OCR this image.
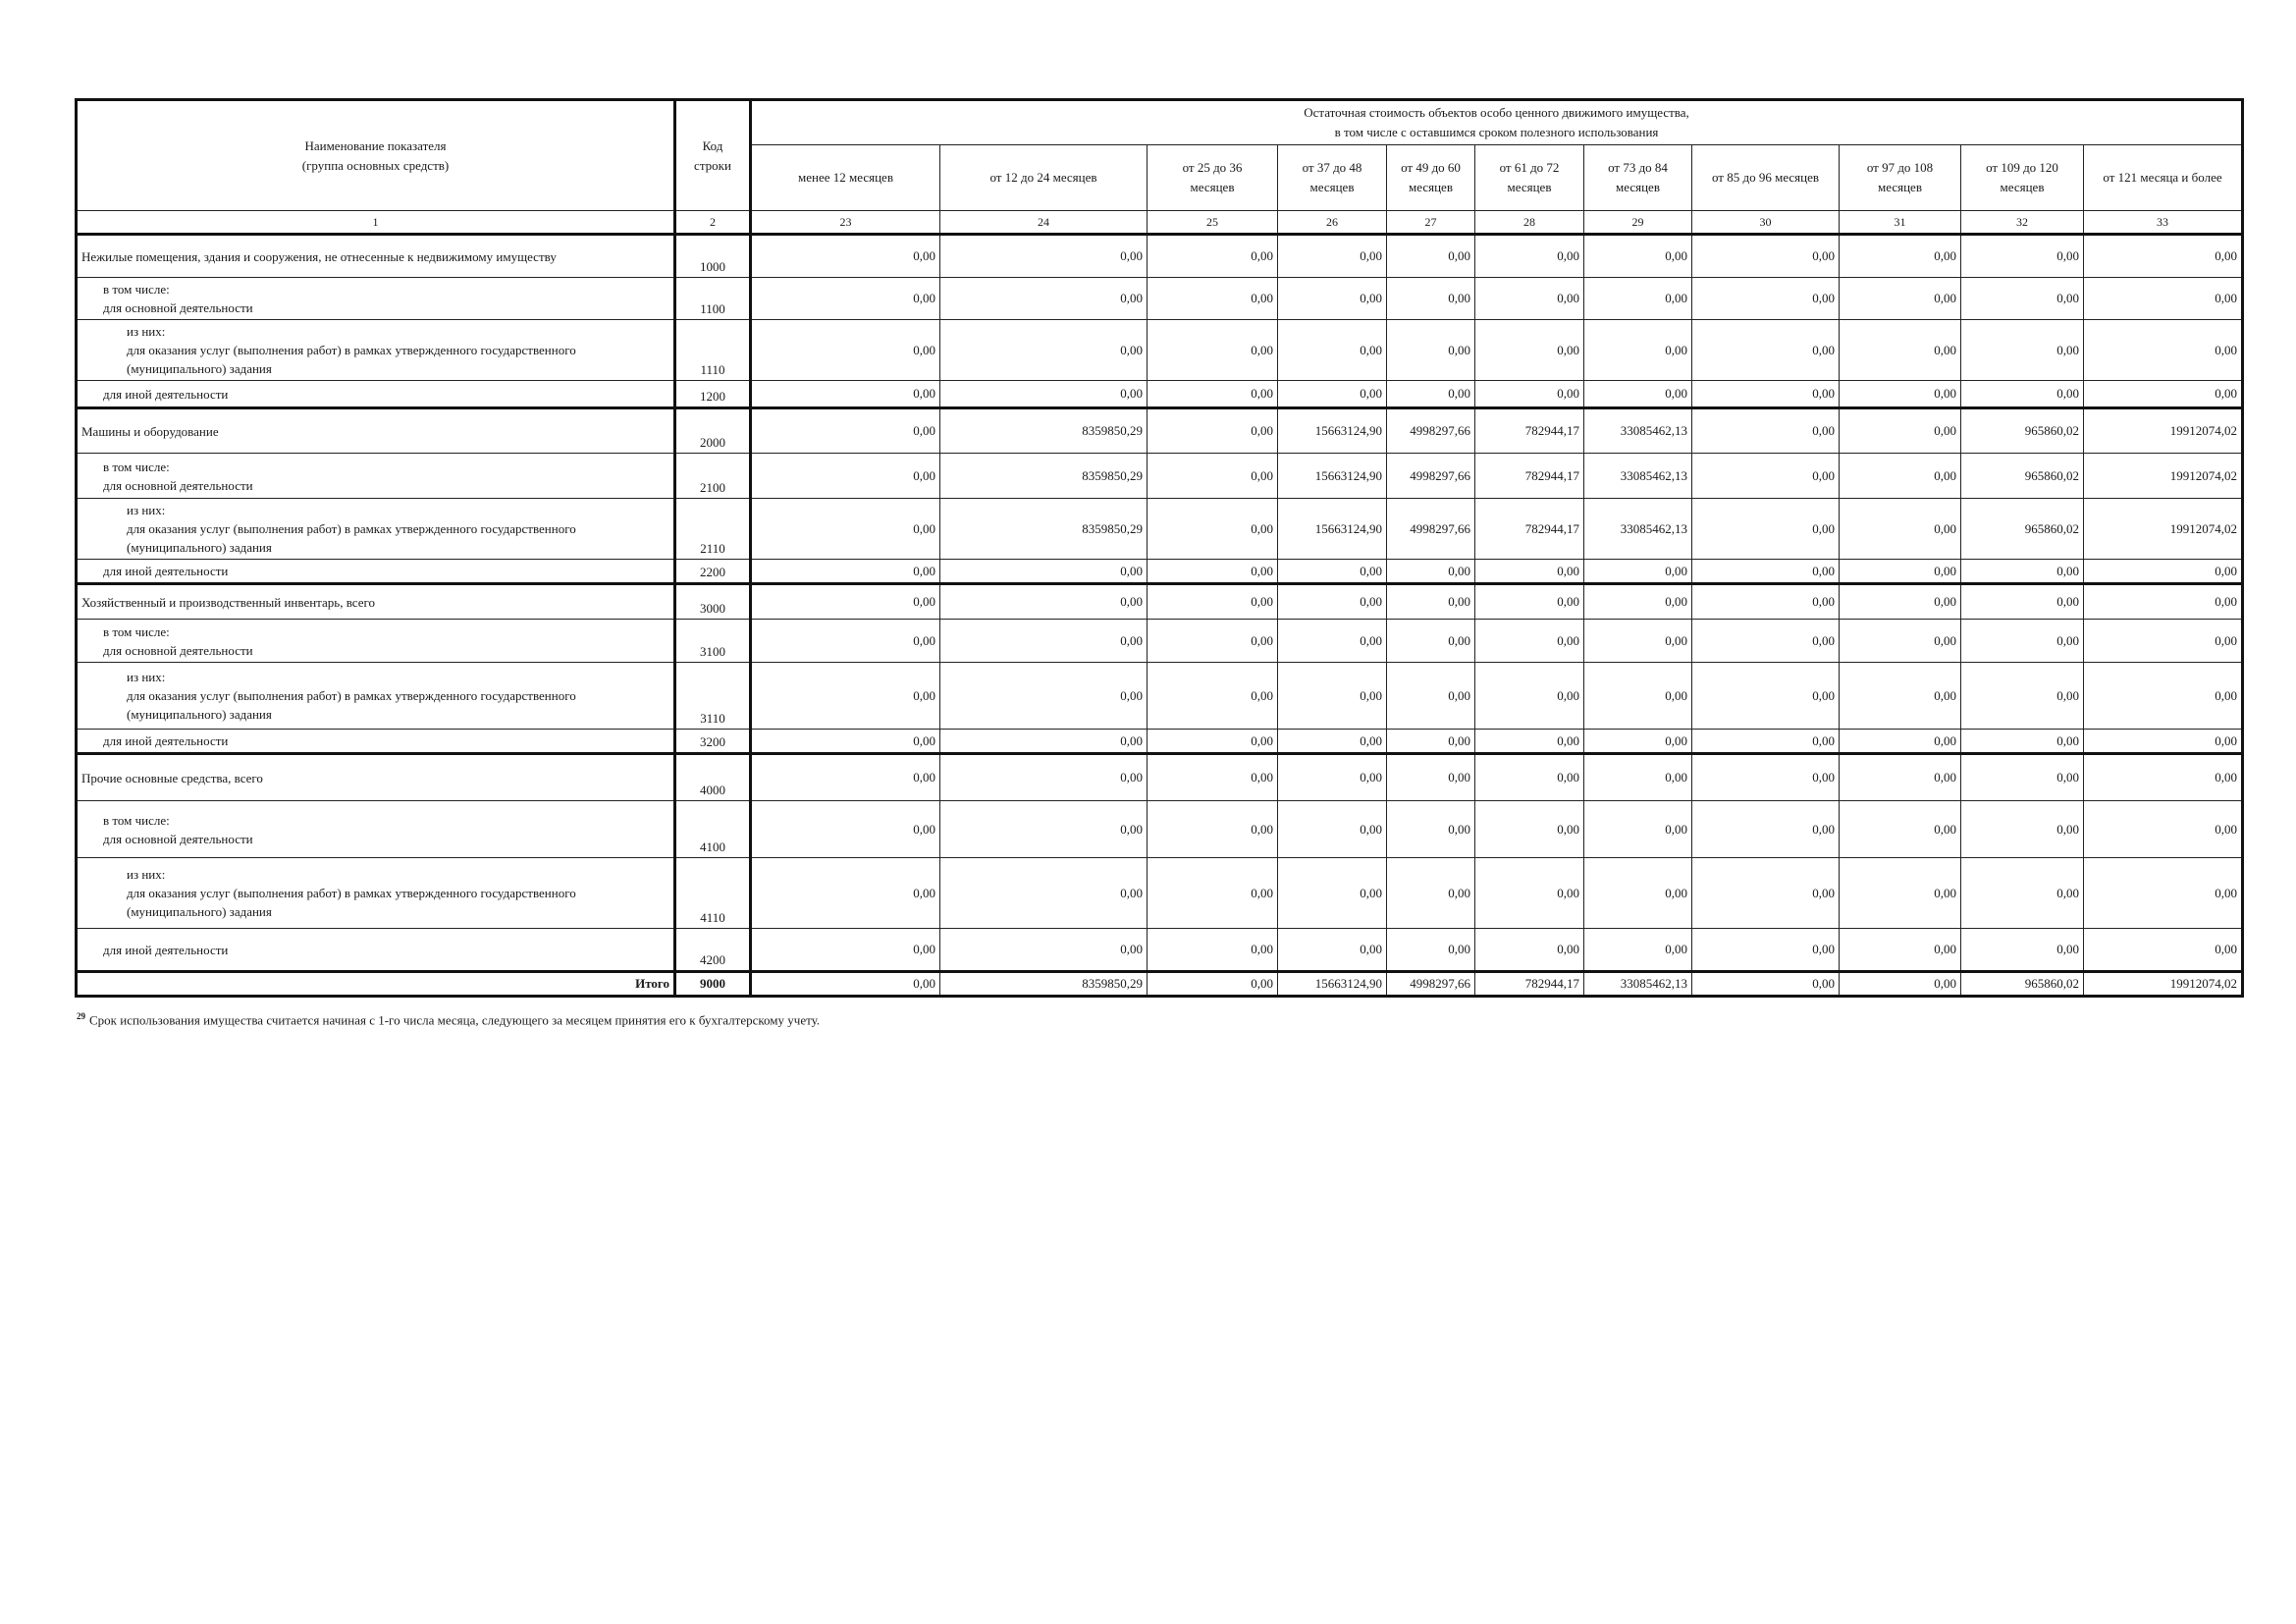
Наименование показателя
(группа основных средств)	Код
строки	Остаточная стоимость объектов особо ценного движимого имущества,
в том числе с оставшимся сроком полезного использования										

		менее 12 месяцев	от 12 до 24 месяцев	от 25 до 36
месяцев	от 37 до 48
месяцев	от 49 до 60
месяцев	от 61 до 72
месяцев	от 73 до 84
месяцев	от 85 до 96 месяцев	от 97 до 108
месяцев	от 109 до 120
месяцев	от 121 месяца и более

1	2	23	24	25	26	27	28	29	30	31	32	33

Нежилые помещения, здания и сооружения, не отнесенные к недвижимому имуществу	1000	0,00	0,00	0,00	0,00	0,00	0,00	0,00	0,00	0,00	0,00	0,00

в том числе:
для основной деятельности	1100	0,00	0,00	0,00	0,00	0,00	0,00	0,00	0,00	0,00	0,00	0,00

из них:
для оказания услуг (выполнения работ) в рамках утвержденного государственного
(муниципального) задания	1110	0,00	0,00	0,00	0,00	0,00	0,00	0,00	0,00	0,00	0,00	0,00

для иной деятельности	1200	0,00	0,00	0,00	0,00	0,00	0,00	0,00	0,00	0,00	0,00	0,00

Машины и оборудование	2000	0,00	8359850,29	0,00	15663124,90	4998297,66	782944,17	33085462,13	0,00	0,00	965860,02	19912074,02

в том числе:
для основной деятельности	2100	0,00	8359850,29	0,00	15663124,90	4998297,66	782944,17	33085462,13	0,00	0,00	965860,02	19912074,02

из них:
для оказания услуг (выполнения работ) в рамках утвержденного государственного
(муниципального) задания	2110	0,00	8359850,29	0,00	15663124,90	4998297,66	782944,17	33085462,13	0,00	0,00	965860,02	19912074,02

для иной деятельности	2200	0,00	0,00	0,00	0,00	0,00	0,00	0,00	0,00	0,00	0,00	0,00

Хозяйственный и производственный инвентарь, всего	3000	0,00	0,00	0,00	0,00	0,00	0,00	0,00	0,00	0,00	0,00	0,00

в том числе:
для основной деятельности	3100	0,00	0,00	0,00	0,00	0,00	0,00	0,00	0,00	0,00	0,00	0,00

из них:
для оказания услуг (выполнения работ) в рамках утвержденного государственного
(муниципального) задания	3110	0,00	0,00	0,00	0,00	0,00	0,00	0,00	0,00	0,00	0,00	0,00

для иной деятельности	3200	0,00	0,00	0,00	0,00	0,00	0,00	0,00	0,00	0,00	0,00	0,00

Прочие основные средства, всего	4000	0,00	0,00	0,00	0,00	0,00	0,00	0,00	0,00	0,00	0,00	0,00

в том числе:
для основной деятельности	4100	0,00	0,00	0,00	0,00	0,00	0,00	0,00	0,00	0,00	0,00	0,00

из них:
для оказания услуг (выполнения работ) в рамках утвержденного государственного
(муниципального) задания	4110	0,00	0,00	0,00	0,00	0,00	0,00	0,00	0,00	0,00	0,00	0,00

для иной деятельности	4200	0,00	0,00	0,00	0,00	0,00	0,00	0,00	0,00	0,00	0,00	0,00
Итого	9000	0,00	8359850,29	0,00	15663124,90	4998297,66	782944,17	33085462,13	0,00	0,00	965860,02	19912074,02
$^{29}$ Срок использования имущества считается начиная с 1-го числа месяца, следующего за месяцем принятия его к бухгалтерскому учету.
